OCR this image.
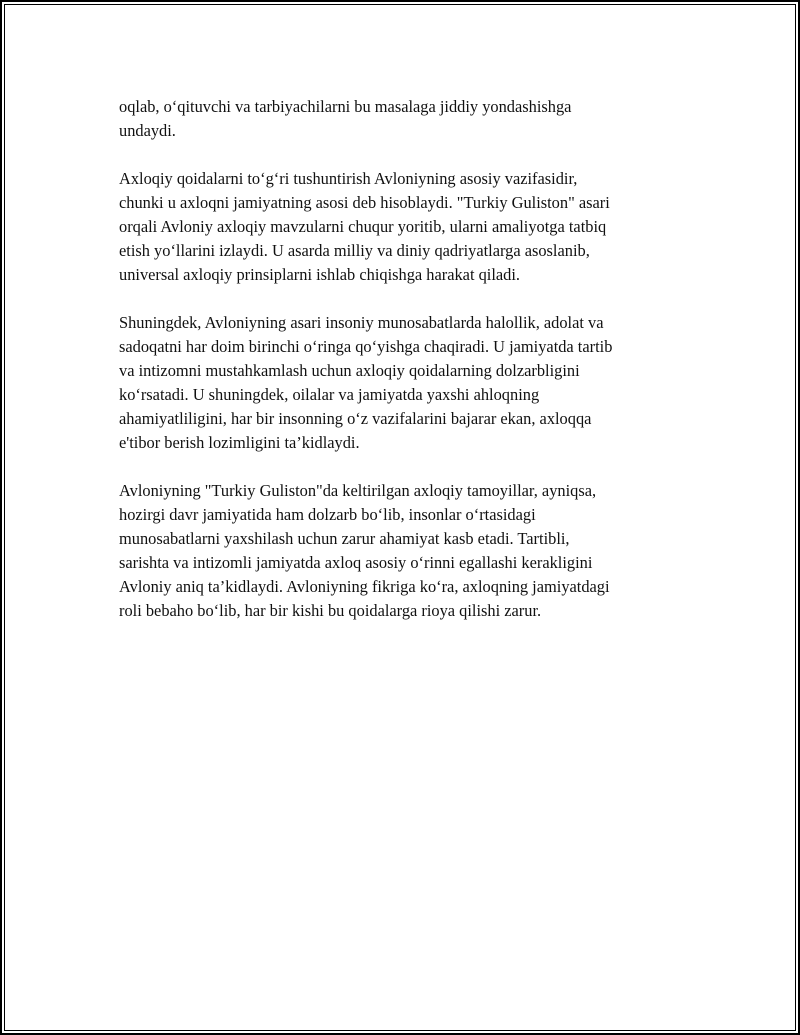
oqlab, o‘qituvchi va tarbiyachilarni bu masalaga jiddiy yondashishga
undaydi.

Axloqiy qoidalarni to‘g‘ri tushuntirish Avloniyning asosiy vazifasidir,
chunki u axloqni jamiyatning asosi deb hisoblaydi. "Turkiy Guliston" asari
orqali Avloniy axloqiy mavzularni chuqur yoritib, ularni amaliyotga tatbiq
etish yo‘llarini izlaydi. U asarda milliy va diniy qadriyatlarga asoslanib,
universal axloqiy prinsiplarni ishlab chiqishga harakat qiladi.

Shuningdek, Avloniyning asari insoniy munosabatlarda halollik, adolat va
sadoqatni har doim birinchi o‘ringa qo‘yishga chaqiradi. U jamiyatda tartib
va intizomni mustahkamlash uchun axloqiy qoidalarning dolzarbligini
ko‘rsatadi. U shuningdek, oilalar va jamiyatda yaxshi ahloqning
ahamiyatliligini, har bir insonning o‘z vazifalarini bajarar ekan, axloqqa
e'tibor berish lozimligini ta’kidlaydi.

Avloniyning "Turkiy Guliston"da keltirilgan axloqiy tamoyillar, ayniqsa,
hozirgi davr jamiyatida ham dolzarb bo‘lib, insonlar o‘rtasidagi
munosabatlarni yaxshilash uchun zarur ahamiyat kasb etadi. Tartibli,
sarishta va intizomli jamiyatda axloq asosiy o‘rinni egallashi kerakligini
Avloniy aniq ta’kidlaydi. Avloniyning fikriga ko‘ra, axloqning jamiyatdagi
roli bebaho bo‘lib, har bir kishi bu qoidalarga rioya qilishi zarur.
